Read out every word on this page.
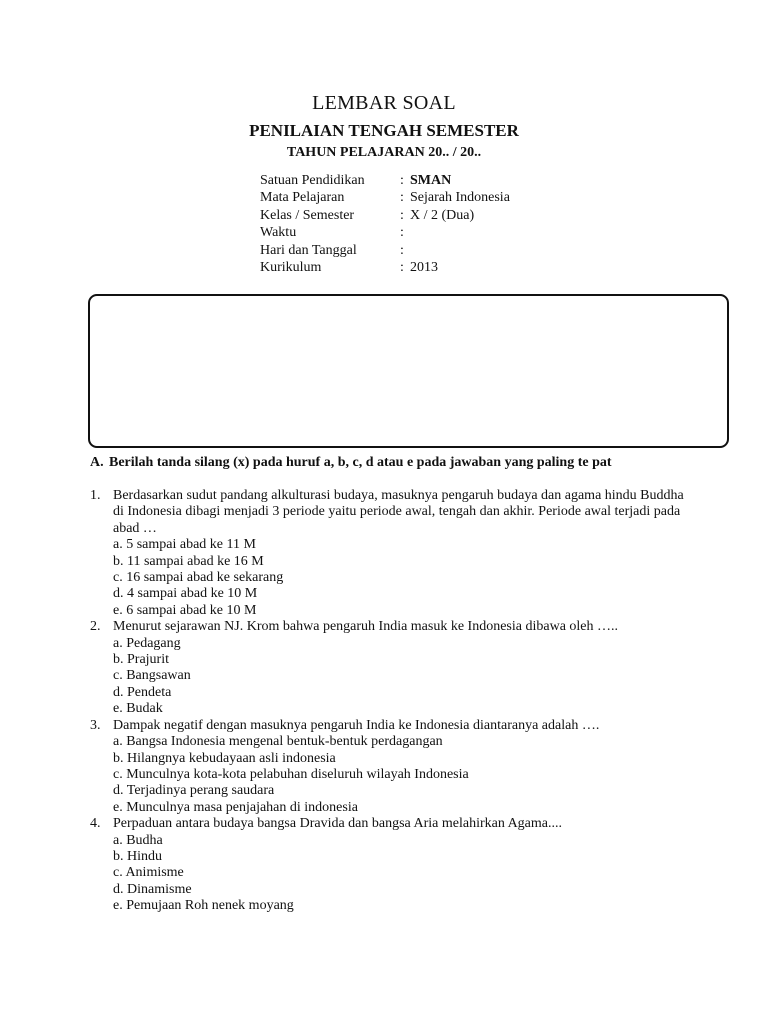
LEMBAR SOAL
PENILAIAN TENGAH SEMESTER
TAHUN PELAJARAN 20.. / 20..
Satuan Pendidikan	: SMAN
Mata Pelajaran	: Sejarah Indonesia
Kelas / Semester	: X / 2 (Dua)
Waktu	:
Hari dan Tanggal	:
Kurikulum	: 2013
A. Berilah tanda silang (x) pada huruf a, b, c, d atau e pada jawaban yang paling te pat
1. Berdasarkan sudut pandang alkulturasi budaya, masuknya pengaruh budaya dan agama hindu Buddha di Indonesia dibagi menjadi 3 periode yaitu periode awal, tengah dan akhir. Periode awal terjadi pada abad …
a. 5 sampai abad ke 11 M
b. 11 sampai abad ke 16 M
c. 16 sampai abad ke sekarang
d. 4 sampai abad ke 10 M
e. 6 sampai abad ke 10 M
2. Menurut sejarawan NJ. Krom bahwa pengaruh India masuk ke Indonesia dibawa oleh …..
a. Pedagang
b. Prajurit
c. Bangsawan
d. Pendeta
e. Budak
3. Dampak negatif dengan masuknya pengaruh India ke Indonesia diantaranya adalah ….
a. Bangsa Indonesia mengenal bentuk-bentuk perdagangan
b. Hilangnya kebudayaan asli indonesia
c. Munculnya kota-kota pelabuhan diseluruh wilayah Indonesia
d. Terjadinya perang saudara
e. Munculnya masa penjajahan di indonesia
4. Perpaduan antara budaya bangsa Dravida dan bangsa Aria melahirkan Agama....
a. Budha
b. Hindu
c. Animisme
d. Dinamisme
e. Pemujaan Roh nenek moyang
